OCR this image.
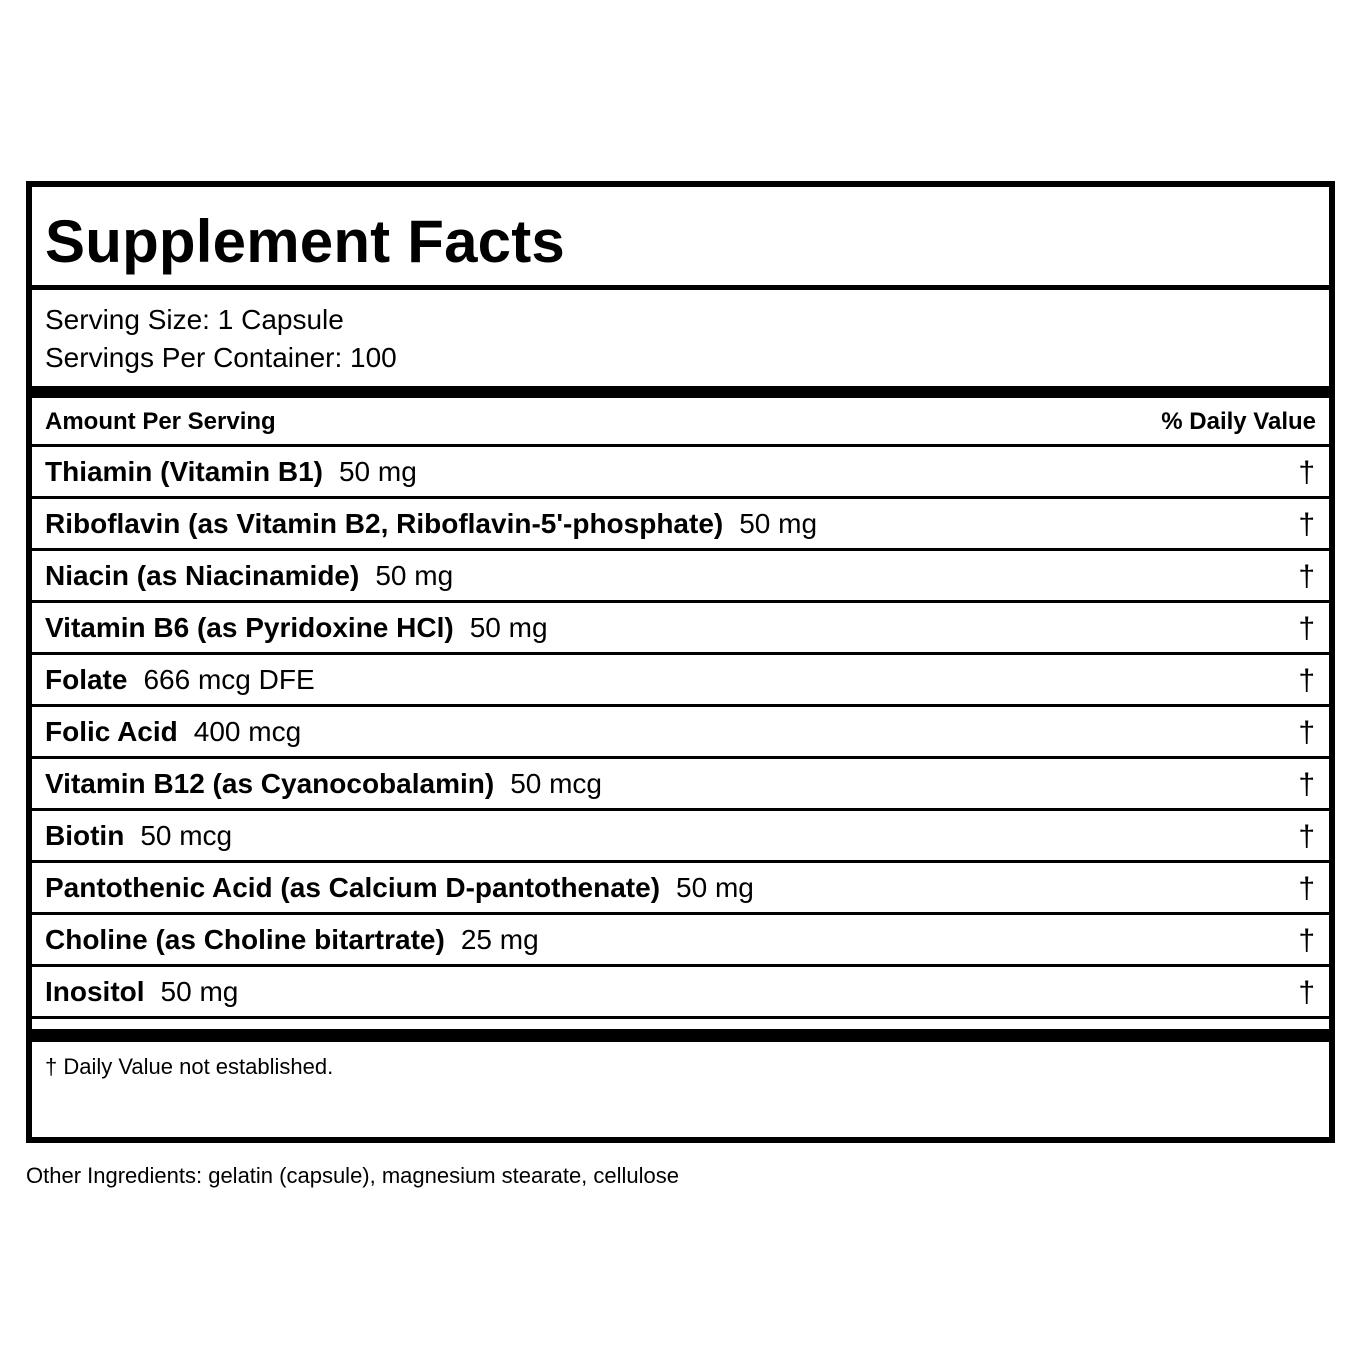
Supplement Facts
Serving Size: 1 Capsule
Servings Per Container: 100
Amount Per Serving	% Daily Value
Thiamin (Vitamin B1) 50 mg	†
Riboflavin (as Vitamin B2, Riboflavin-5'-phosphate) 50 mg	†
Niacin (as Niacinamide) 50 mg	†
Vitamin B6 (as Pyridoxine HCl) 50 mg	†
Folate 666 mcg DFE	†
Folic Acid 400 mcg	†
Vitamin B12 (as Cyanocobalamin) 50 mcg	†
Biotin 50 mcg	†
Pantothenic Acid (as Calcium D-pantothenate) 50 mg	†
Choline (as Choline bitartrate) 25 mg	†
Inositol 50 mg	†
† Daily Value not established.
Other Ingredients: gelatin (capsule), magnesium stearate, cellulose
